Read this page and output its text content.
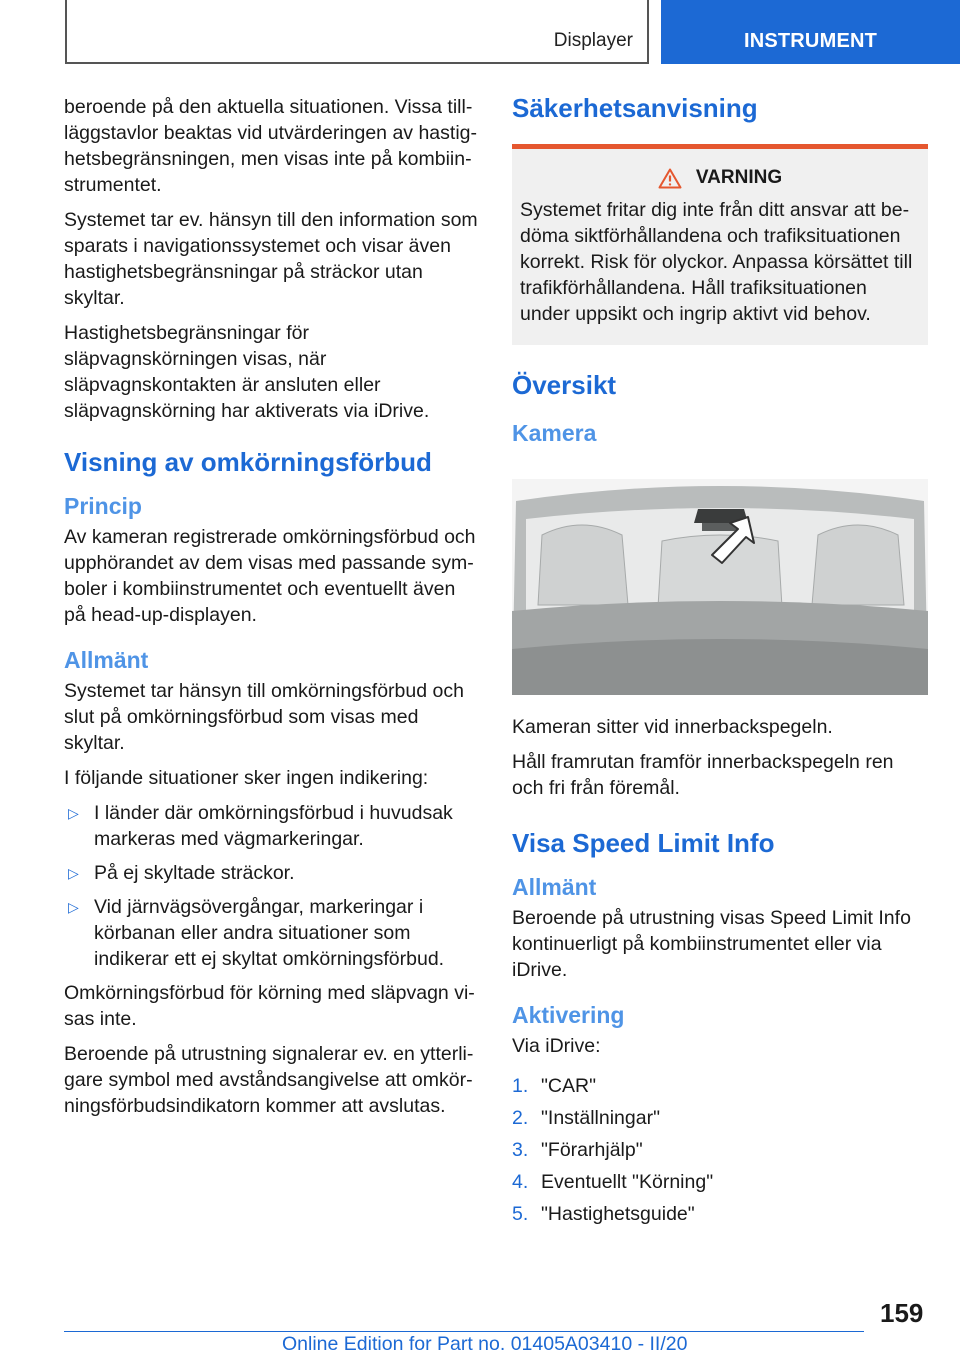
Displayer	INSTRUMENT

beroende på den aktuella situationen. Vissa tillläggstavlor beaktas vid utvärderingen av hastighetsbegränsningen, men visas inte på kombiinstrumentet.

Systemet tar ev. hänsyn till den information som sparats i navigationssystemet och visar även hastighetsbegränsningar på sträckor utan skyltar.

Hastighetsbegränsningar för släpvagnskörningen visas, när släpvagnskontakten är ansluten eller släpvagnskörning har aktiverats via iDrive.

Visning av omkörningsförbud
Princip

Av kameran registrerade omkörningsförbud och upphörandet av dem visas med passande symboler i kombiinstrumentet och eventuellt även på head-up-displayen.

Allmänt

Systemet tar hänsyn till omkörningsförbud och slut på omkörningsförbud som visas med skyltar.

I följande situationer sker ingen indikering:

▷ I länder där omkörningsförbud i huvudsak markeras med vägmarkeringar.
▷ På ej skyltade sträckor.
▷ Vid järnvägsövergångar, markeringar i körbanan eller andra situationer som indikerar ett ej skyltat omkörningsförbud.

Omkörningsförbud för körning med släpvagn visas inte.

Beroende på utrustning signalerar ev. en ytterligare symbol med avståndsangivelse att omkörningsförbudsindikatorn kommer att avslutas.

Säkerhetsanvisning
VARNING

Systemet fritar dig inte från ditt ansvar att bedöma siktförhållandena och trafiksituationen korrekt. Risk för olyckor. Anpassa körsättet till trafikförhållandena. Håll trafiksituationen under uppsikt och ingrip aktivt vid behov.

Översikt
Kamera

Kameran sitter vid innerbackspegeln.

Håll framrutan framför innerbackspegeln ren och fri från föremål.

Visa Speed Limit Info
Allmänt

Beroende på utrustning visas Speed Limit Info kontinuerligt på kombiinstrumentet eller via iDrive.

Aktivering

Via iDrive:

1. "CAR"
2. "Inställningar"
3. "Förarhjälp"
4. Eventuellt "Körning"
5. "Hastighetsguide"
159
Online Edition for Part no. 01405A03410 - II/20
